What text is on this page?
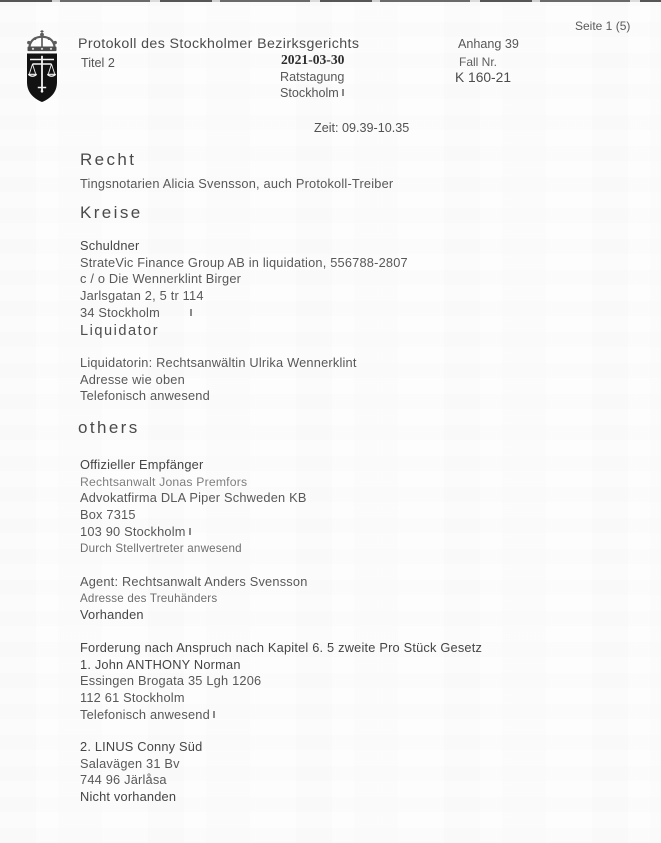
Seite 1 (5)
Protokoll des Stockholmer Bezirksgerichts
Titel 2	2021-03-30
Ratstagung
Stockholm
Anhang 39
Fall Nr.
K 160-21
Zeit: 09.39-10.35
Recht
Tingsnotarien Alicia Svensson, auch Protokoll-Treiber
Kreise
Schuldner
StrateVic Finance Group AB in liquidation, 556788-2807
c / o Die Wennerklint Birger
Jarlsgatan 2, 5 tr 114
34 Stockholm
Liquidator
Liquidatorin: Rechtsanwältin Ulrika Wennerklint
Adresse wie oben
Telefonisch anwesend
others
Offizieller Empfänger
Rechtsanwalt Jonas Premfors
Advokatfirma DLA Piper Schweden KB
Box 7315
103 90 Stockholm
Durch Stellvertreter anwesend
Agent: Rechtsanwalt Anders Svensson
Adresse des Treuhänders
Vorhanden
Forderung nach Anspruch nach Kapitel 6. 5 zweite Pro Stück Gesetz
1. John ANTHONY Norman
Essingen Brogata 35 Lgh 1206
112 61 Stockholm
Telefonisch anwesend
2. LINUS Conny Süd
Salavägen 31 Bv
744 96 Järlåsa
Nicht vorhanden
